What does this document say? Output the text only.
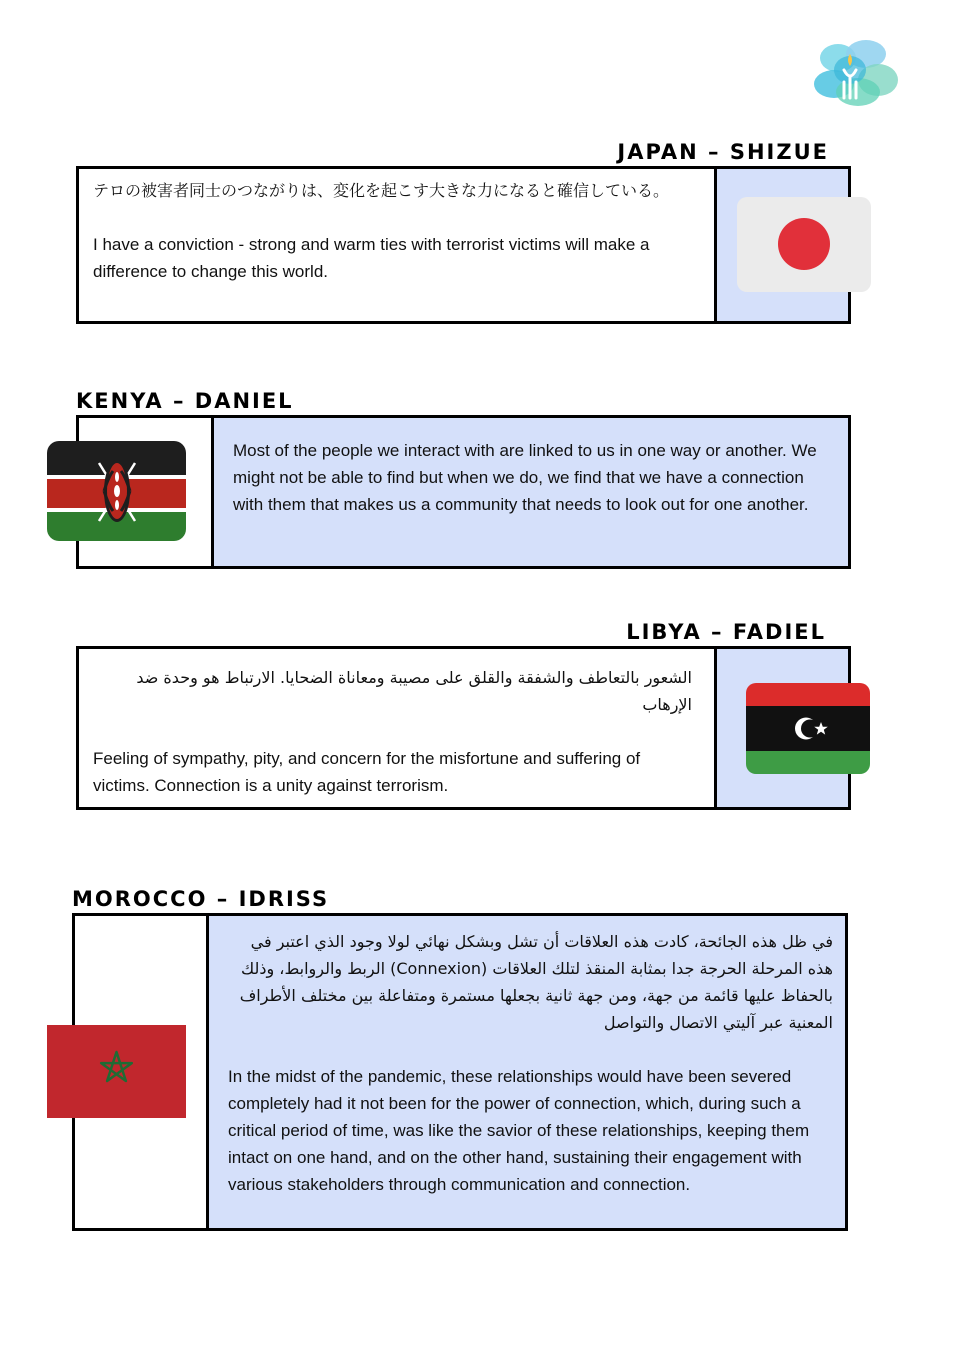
JAPAN – SHIZUE

テロの被害者同士のつながりは、変化を起こす大きな力になると確信している。

I have a conviction - strong and warm ties with terrorist victims will make a difference to change this world.

KENYA – DANIEL

Most of the people we interact with are linked to us in one way or another. We might not be able to find but when we do, we find that we have a connection with them that makes us a community that needs to look out for one another.

LIBYA – FADIEL

الشعور بالتعاطف والشفقة والقلق على مصيبة ومعاناة الضحايا. الارتباط هو وحدة ضد الإرهاب

Feeling of sympathy, pity, and concern for the misfortune and suffering of victims. Connection is a unity against terrorism.

MOROCCO – IDRISS

في ظل هذه الجائحة، كادت هذه العلاقات أن تشل وبشكل نهائي لولا وجود الذي اعتبر في هذه المرحلة الحرجة جدا بمثابة المنقذ لتلك العلاقات (Connexion) الربط والروابط، وذلك بالحفاظ عليها قائمة من جهة، ومن جهة ثانية بجعلها مستمرة ومتفاعلة بين مختلف الأطراف المعنية عبر آليتي الاتصال والتواصل

In the midst of the pandemic, these relationships would have been severed completely had it not been for the power of connection, which, during such a critical period of time, was like the savior of these relationships, keeping them intact on one hand, and on the other hand, sustaining their engagement with various stakeholders through communication and connection.
